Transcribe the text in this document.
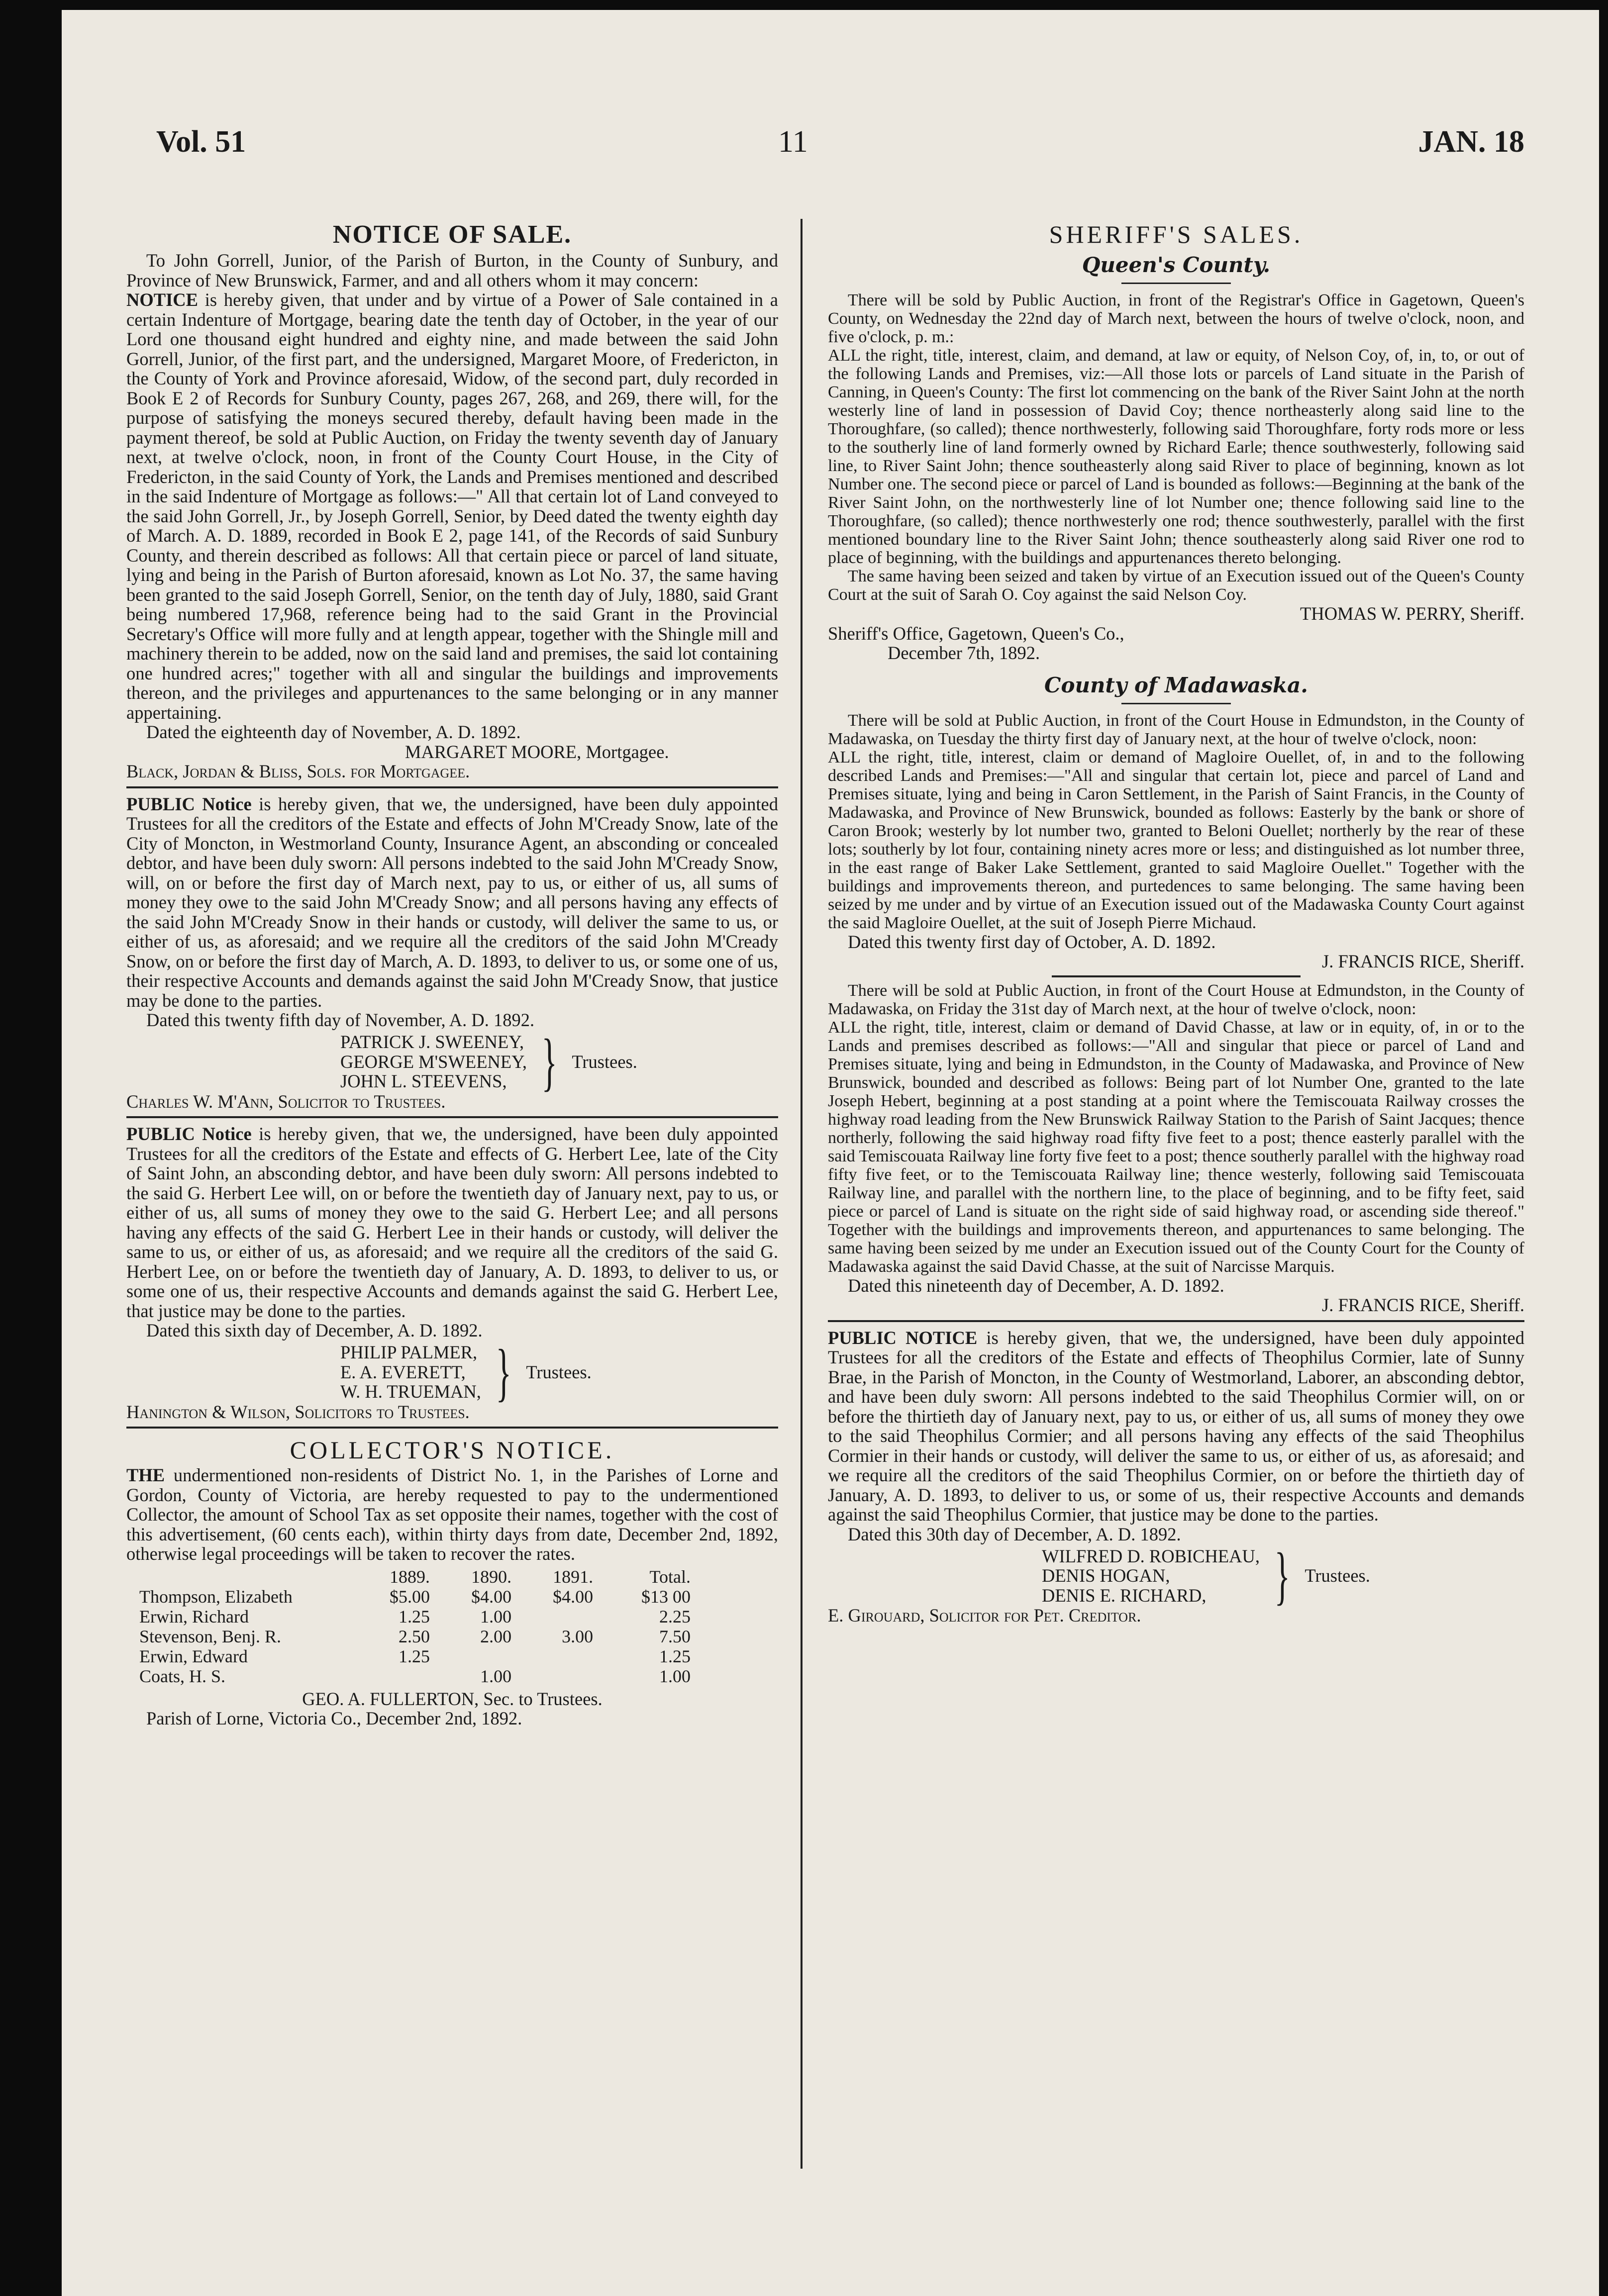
Vol. 51	11	JAN. 18
NOTICE OF SALE.

To John Gorrell, Junior, of the Parish of Burton, in the County of Sunbury, and Province of New Brunswick, Farmer, and and all others whom it may concern:

NOTICE is hereby given, that under and by virtue of a Power of Sale contained in a certain Indenture of Mortgage, bearing date the tenth day of October, in the year of our Lord one thousand eight hundred and eighty nine, and made between the said John Gorrell, Junior, of the first part, and the undersigned, Margaret Moore, of Fredericton, in the County of York and Province aforesaid, Widow, of the second part, duly recorded in Book E 2 of Records for Sunbury County, pages 267, 268, and 269, there will, for the purpose of satisfying the moneys secured thereby, default having been made in the payment thereof, be sold at Public Auction, on Friday the twenty seventh day of January next, at twelve o'clock, noon, in front of the County Court House, in the City of Fredericton, in the said County of York, the Lands and Premises mentioned and described in the said Indenture of Mortgage as follows:—" All that certain lot of Land conveyed to the said John Gorrell, Jr., by Joseph Gorrell, Senior, by Deed dated the twenty eighth day of March. A. D. 1889, recorded in Book E 2, page 141, of the Records of said Sunbury County, and therein described as follows: All that certain piece or parcel of land situate, lying and being in the Parish of Burton aforesaid, known as Lot No. 37, the same having been granted to the said Joseph Gorrell, Senior, on the tenth day of July, 1880, said Grant being numbered 17,968, reference being had to the said Grant in the Provincial Secretary's Office will more fully and at length appear, together with the Shingle mill and machinery therein to be added, now on the said land and premises, the said lot containing one hundred acres;" together with all and singular the buildings and improvements thereon, and the privileges and appurtenances to the same belonging or in any manner appertaining.

Dated the eighteenth day of November, A. D. 1892.

MARGARET MOORE, Mortgagee.

Black, Jordan & Bliss, Sols. for Mortgagee.

PUBLIC Notice is hereby given, that we, the undersigned, have been duly appointed Trustees for all the creditors of the Estate and effects of John M'Cready Snow, late of the City of Moncton, in Westmorland County, Insurance Agent, an absconding or concealed debtor, and have been duly sworn: All persons indebted to the said John M'Cready Snow, will, on or before the first day of March next, pay to us, or either of us, all sums of money they owe to the said John M'Cready Snow; and all persons having any effects of the said John M'Cready Snow in their hands or custody, will deliver the same to us, or either of us, as aforesaid; and we require all the creditors of the said John M'Cready Snow, on or before the first day of March, A. D. 1893, to deliver to us, or some one of us, their respective Accounts and demands against the said John M'Cready Snow, that justice may be done to the parties.

Dated this twenty fifth day of November, A. D. 1892.

PATRICK J. SWEENEY,
GEORGE M'SWEENEY,
JOHN L. STEEVENS, } Trustees.

Charles W. M'Ann, Solicitor to Trustees.

PUBLIC Notice is hereby given, that we, the undersigned, have been duly appointed Trustees for all the creditors of the Estate and effects of G. Herbert Lee, late of the City of Saint John, an absconding debtor, and have been duly sworn: All persons indebted to the said G. Herbert Lee will, on or before the twentieth day of January next, pay to us, or either of us, all sums of money they owe to the said G. Herbert Lee; and all persons having any effects of the said G. Herbert Lee in their hands or custody, will deliver the same to us, or either of us, as aforesaid; and we require all the creditors of the said G. Herbert Lee, on or before the twentieth day of January, A. D. 1893, to deliver to us, or some one of us, their respective Accounts and demands against the said G. Herbert Lee, that justice may be done to the parties.

Dated this sixth day of December, A. D. 1892.

PHILIP PALMER,
E. A. EVERETT,
W. H. TRUEMAN, } Trustees.

Hanington & Wilson, Solicitors to Trustees.

COLLECTOR'S NOTICE.

THE undermentioned non-residents of District No. 1, in the Parishes of Lorne and Gordon, County of Victoria, are hereby requested to pay to the undermentioned Collector, the amount of School Tax as set opposite their names, together with the cost of this advertisement, (60 cents each), within thirty days from date, December 2nd, 1892, otherwise legal proceedings will be taken to recover the rates.

	1889.	1890.	1891.	Total.
Thompson, Elizabeth	$5.00	$4.00	$4.00	$13 00
Erwin, Richard	1.25	1.00		2.25
Stevenson, Benj. R.	2.50	2.00	3.00	7.50
Erwin, Edward	1.25			1.25
Coats, H. S.		1.00		1.00

GEO. A. FULLERTON, Sec. to Trustees.

Parish of Lorne, Victoria Co., December 2nd, 1892.

SHERIFF'S SALES.
Queen's County.

There will be sold by Public Auction, in front of the Registrar's Office in Gagetown, Queen's County, on Wednesday the 22nd day of March next, between the hours of twelve o'clock, noon, and five o'clock, p. m.:

ALL the right, title, interest, claim, and demand, at law or equity, of Nelson Coy, of, in, to, or out of the following Lands and Premises, viz:—All those lots or parcels of Land situate in the Parish of Canning, in Queen's County: The first lot commencing on the bank of the River Saint John at the north westerly line of land in possession of David Coy; thence northeasterly along said line to the Thoroughfare, (so called); thence northwesterly, following said Thoroughfare, forty rods more or less to the southerly line of land formerly owned by Richard Earle; thence southwesterly, following said line, to River Saint John; thence southeasterly along said River to place of beginning, known as lot Number one. The second piece or parcel of Land is bounded as follows:—Beginning at the bank of the River Saint John, on the northwesterly line of lot Number one; thence following said line to the Thoroughfare, (so called); thence northwesterly one rod; thence southwesterly, parallel with the first mentioned boundary line to the River Saint John; thence southeasterly along said River one rod to place of beginning, with the buildings and appurtenances thereto belonging.

The same having been seized and taken by virtue of an Execution issued out of the Queen's County Court at the suit of Sarah O. Coy against the said Nelson Coy.

THOMAS W. PERRY, Sheriff.

Sheriff's Office, Gagetown, Queen's Co.,

December 7th, 1892.

County of Madawaska.

There will be sold at Public Auction, in front of the Court House in Edmundston, in the County of Madawaska, on Tuesday the thirty first day of January next, at the hour of twelve o'clock, noon:

ALL the right, title, interest, claim or demand of Magloire Ouellet, of, in and to the following described Lands and Premises:—"All and singular that certain lot, piece and parcel of Land and Premises situate, lying and being in Caron Settlement, in the Parish of Saint Francis, in the County of Madawaska, and Province of New Brunswick, bounded as follows: Easterly by the bank or shore of Caron Brook; westerly by lot number two, granted to Beloni Ouellet; northerly by the rear of these lots; southerly by lot four, containing ninety acres more or less; and distinguished as lot number three, in the east range of Baker Lake Settlement, granted to said Magloire Ouellet." Together with the buildings and improvements thereon, and purtedences to same belonging. The same having been seized by me under and by virtue of an Execution issued out of the Madawaska County Court against the said Magloire Ouellet, at the suit of Joseph Pierre Michaud.

Dated this twenty first day of October, A. D. 1892.

J. FRANCIS RICE, Sheriff.

There will be sold at Public Auction, in front of the Court House at Edmundston, in the County of Madawaska, on Friday the 31st day of March next, at the hour of twelve o'clock, noon:

ALL the right, title, interest, claim or demand of David Chasse, at law or in equity, of, in or to the Lands and premises described as follows:—"All and singular that piece or parcel of Land and Premises situate, lying and being in Edmundston, in the County of Madawaska, and Province of New Brunswick, bounded and described as follows: Being part of lot Number One, granted to the late Joseph Hebert, beginning at a post standing at a point where the Temiscouata Railway crosses the highway road leading from the New Brunswick Railway Station to the Parish of Saint Jacques; thence northerly, following the said highway road fifty five feet to a post; thence easterly parallel with the said Temiscouata Railway line forty five feet to a post; thence southerly parallel with the highway road fifty five feet, or to the Temiscouata Railway line; thence westerly, following said Temiscouata Railway line, and parallel with the northern line, to the place of beginning, and to be fifty feet, said piece or parcel of Land is situate on the right side of said highway road, or ascending side thereof." Together with the buildings and improvements thereon, and appurtenances to same belonging. The same having been seized by me under an Execution issued out of the County Court for the County of Madawaska against the said David Chasse, at the suit of Narcisse Marquis.

Dated this nineteenth day of December, A. D. 1892.

J. FRANCIS RICE, Sheriff.

PUBLIC NOTICE is hereby given, that we, the undersigned, have been duly appointed Trustees for all the creditors of the Estate and effects of Theophilus Cormier, late of Sunny Brae, in the Parish of Moncton, in the County of Westmorland, Laborer, an absconding debtor, and have been duly sworn: All persons indebted to the said Theophilus Cormier will, on or before the thirtieth day of January next, pay to us, or either of us, all sums of money they owe to the said Theophilus Cormier; and all persons having any effects of the said Theophilus Cormier in their hands or custody, will deliver the same to us, or either of us, as aforesaid; and we require all the creditors of the said Theophilus Cormier, on or before the thirtieth day of January, A. D. 1893, to deliver to us, or some of us, their respective Accounts and demands against the said Theophilus Cormier, that justice may be done to the parties.

Dated this 30th day of December, A. D. 1892.

WILFRED D. ROBICHEAU,
DENIS HOGAN,
DENIS E. RICHARD,	} Trustees.

E. Girouard, Solicitor for Pet. Creditor.
